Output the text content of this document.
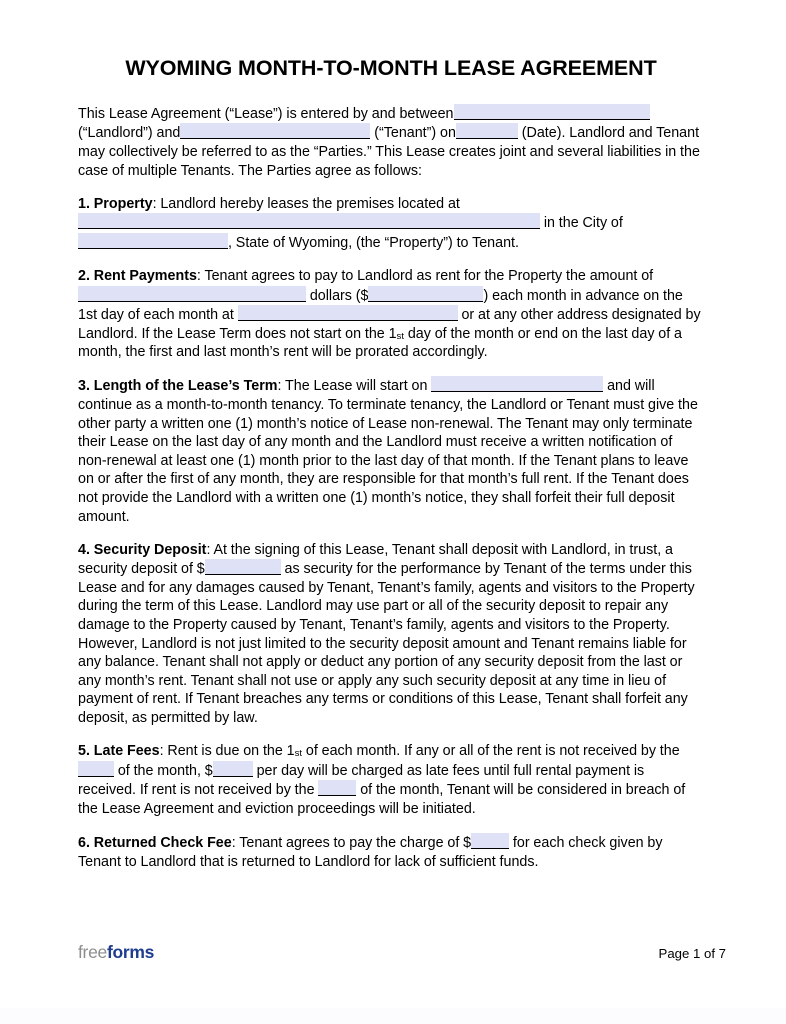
WYOMING MONTH-TO-MONTH LEASE AGREEMENT

This Lease Agreement (“Lease”) is entered by and between (“Landlord”) and	(“Tenant”) on	(Date). Landlord and Tenant may collectively be referred to as the “Parties.” This Lease creates joint and several liabilities in the case of multiple Tenants. The Parties agree as follows:

1. Property: Landlord hereby leases the premises located at  in the City of , State of Wyoming, (the “Property”) to Tenant.

2. Rent Payments: Tenant agrees to pay to Landlord as rent for the Property the amount of  dollars ($	) each month in advance on the 1st day of each month at	or at any other address designated by Landlord. If the Lease Term does not start on the 1st day of the month or end on the last day of a month, the first and last month’s rent will be prorated accordingly.

3. Length of the Lease’s Term: The Lease will start on	and will continue as a month-to-month tenancy. To terminate tenancy, the Landlord or Tenant must give the other party a written one (1) month’s notice of Lease non-renewal. The Tenant may only terminate their Lease on the last day of any month and the Landlord must receive a written notification of non-renewal at least one (1) month prior to the last day of that month. If the Tenant plans to leave on or after the first of any month, they are responsible for that month’s full rent. If the Tenant does not provide the Landlord with a written one (1) month’s notice, they shall forfeit their full deposit amount.

4. Security Deposit: At the signing of this Lease, Tenant shall deposit with Landlord, in trust, a security deposit of $	as security for the performance by Tenant of the terms under this Lease and for any damages caused by Tenant, Tenant’s family, agents and visitors to the Property during the term of this Lease. Landlord may use part or all of the security deposit to repair any damage to the Property caused by Tenant, Tenant’s family, agents and visitors to the Property. However, Landlord is not just limited to the security deposit amount and Tenant remains liable for any balance. Tenant shall not apply or deduct any portion of any security deposit from the last or any month’s rent. Tenant shall not use or apply any such security deposit at any time in lieu of payment of rent. If Tenant breaches any terms or conditions of this Lease, Tenant shall forfeit any deposit, as permitted by law.

5. Late Fees: Rent is due on the 1st of each month. If any or all of the rent is not received by the  of the month, $	per day will be charged as late fees until full rental payment is received. If rent is not received by the	of the month, Tenant will be considered in breach of the Lease Agreement and eviction proceedings will be initiated.

6. Returned Check Fee: Tenant agrees to pay the charge of $	for each check given by Tenant to Landlord that is returned to Landlord for lack of sufficient funds.

freeforms	Page 1 of 7
